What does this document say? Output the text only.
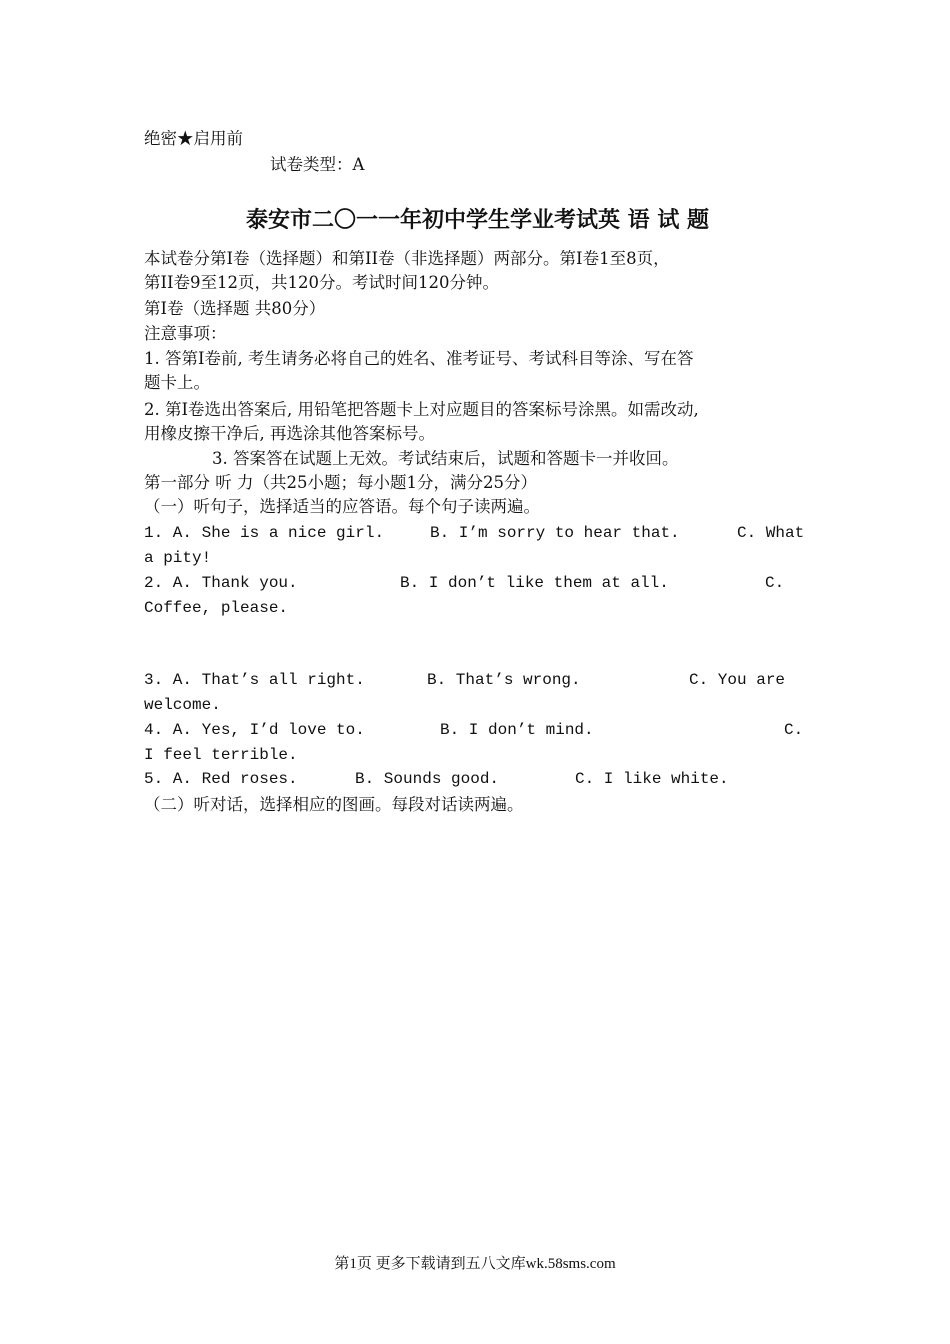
绝密★启用前
试卷类型：A
泰安市二〇一一年初中学生学业考试英 语 试 题
本试卷分第Ⅰ卷（选择题）和第II卷（非选择题）两部分。第Ⅰ卷1至8页，
第II卷9至12页，共120分。考试时间120分钟。
第Ⅰ卷（选择题 共80分）
注意事项：
1. 答第Ⅰ卷前, 考生请务必将自己的姓名、准考证号、考试科目等涂、写在答
题卡上。
2. 第Ⅰ卷选出答案后, 用铅笔把答题卡上对应题目的答案标号涂黑。如需改动,
用橡皮擦干净后, 再选涂其他答案标号。
3. 答案答在试题上无效。考试结束后，试题和答题卡一并收回。
第一部分 听 力（共25小题；每小题1分，满分25分）
（一）听句子，选择适当的应答语。每个句子读两遍。
1. A. She is a nice girl.	B. I’m sorry to hear that.	C. What
a pity!
2. A. Thank you.	B. I don’t like them at all.	C.
Coffee, please.
3. A. That’s all right.	B. That’s wrong.	C. You are
welcome.
4. A. Yes, I’d love to.	B. I don’t mind.	C.
I feel terrible.
5. A. Red roses.	B. Sounds good.	C. I like white.
（二）听对话，选择相应的图画。每段对话读两遍。
第1页 更多下载请到五八文库wk.58sms.com
